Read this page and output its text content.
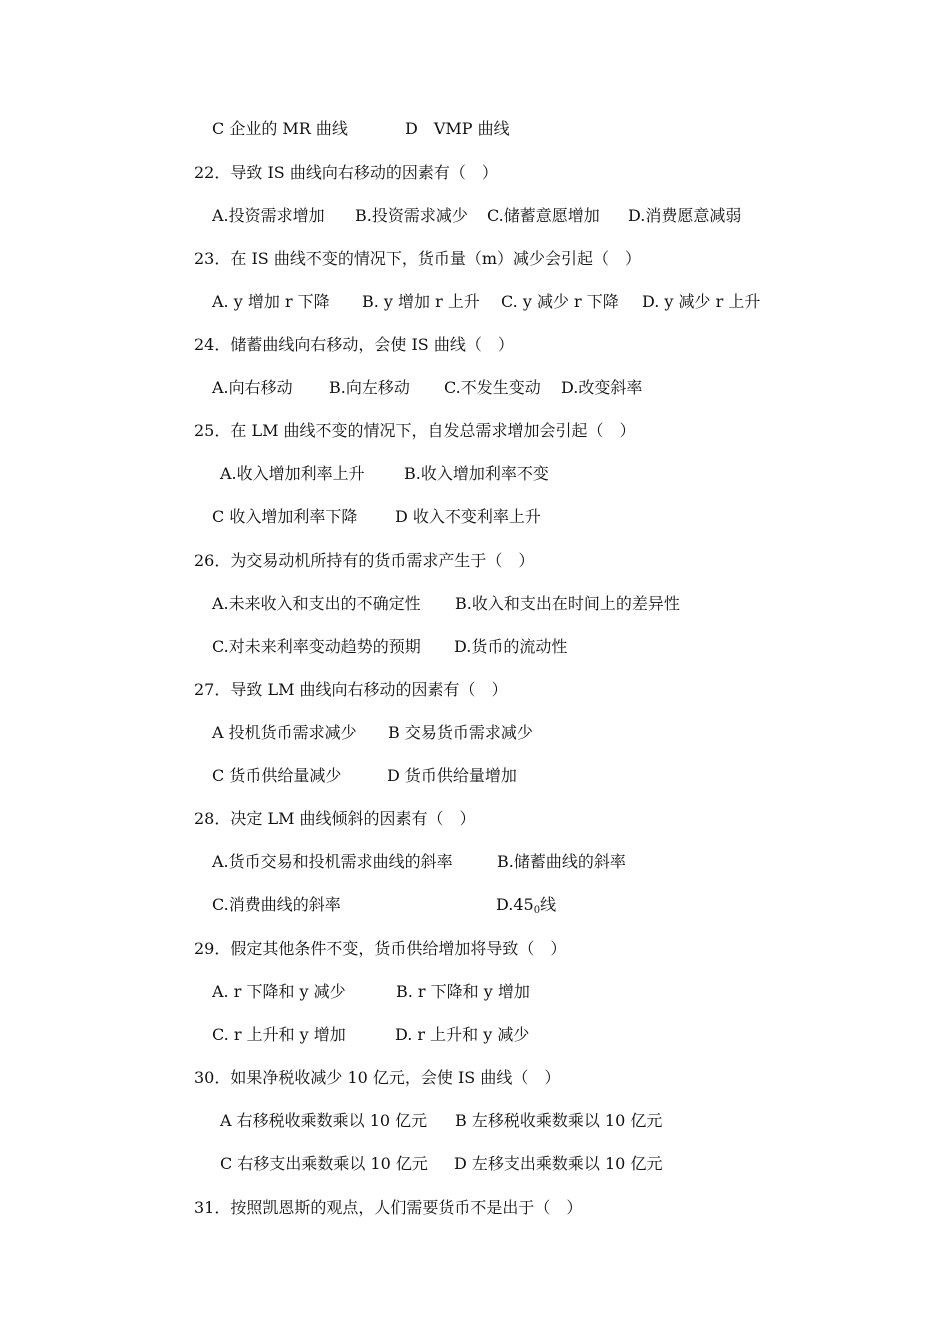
C 企业的 MR 曲线

	D　VMP 曲线

22．导致 IS 曲线向右移动的因素有（　）

A.投资需求增加

B.投资需求减少

C.储蓄意愿增加

D.消费愿意减弱

23．在 IS 曲线不变的情况下，货币量（m）减少会引起（　）

A. y 增加 r 下降

B. y 增加 r 上升

C. y 减少 r 下降

D. y 减少 r 上升

24．储蓄曲线向右移动，会使 IS 曲线（　）

A.向右移动

B.向左移动

C.不发生变动

D.改变斜率

25．在 LM 曲线不变的情况下，自发总需求增加会引起（　）

A.收入增加利率上升

B.收入增加利率不变

C 收入增加利率下降

D 收入不变利率上升

26．为交易动机所持有的货币需求产生于（　）

A.未来收入和支出的不确定性

B.收入和支出在时间上的差异性

C.对未来利率变动趋势的预期

D.货币的流动性

27．导致 LM 曲线向右移动的因素有（　）

A 投机货币需求减少

B 交易货币需求减少

C 货币供给量减少

	D 货币供给量增加

28．决定 LM 曲线倾斜的因素有（　）

A.货币交易和投机需求曲线的斜率

	B.储蓄曲线的斜率

C.消费曲线的斜率

	$D.45_0$线

29．假定其他条件不变，货币供给增加将导致（　）

A. r 下降和 y 减少

	B. r 下降和 y 增加

C. r 上升和 y 增加

	D. r 上升和 y 减少

30．如果净税收减少 10 亿元，会使 IS 曲线（　）

A 右移税收乘数乘以 10 亿元

B 左移税收乘数乘以 10 亿元

C 右移支出乘数乘以 10 亿元

D 左移支出乘数乘以 10 亿元

31．按照凯恩斯的观点，人们需要货币不是出于（　）
